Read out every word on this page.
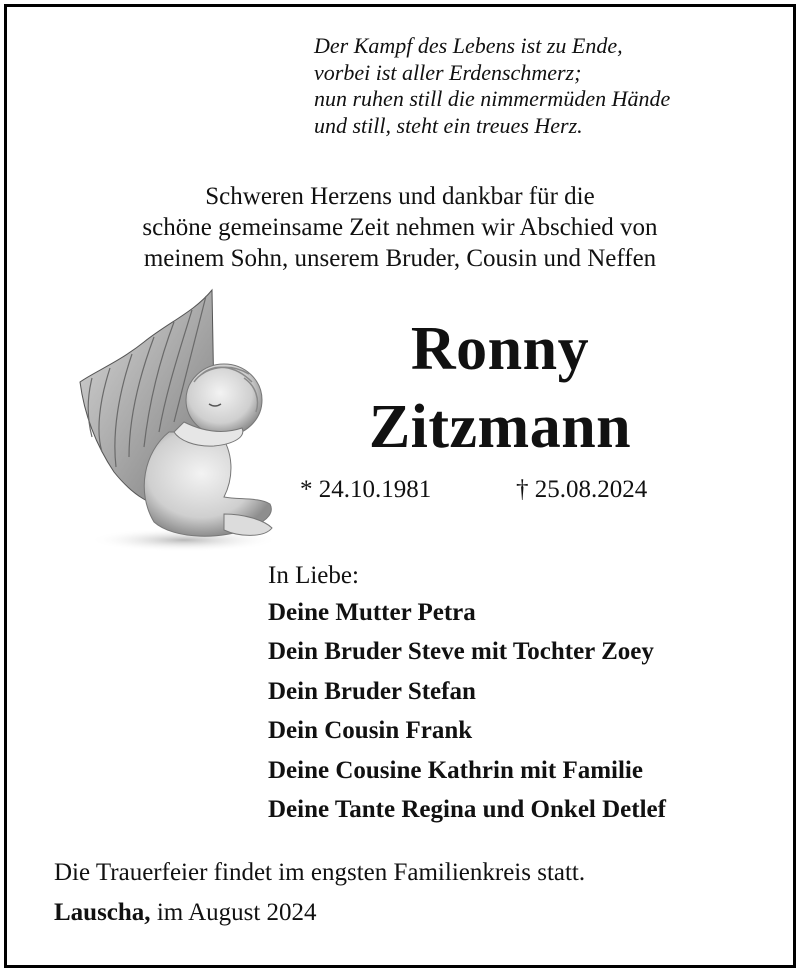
Der Kampf des Lebens ist zu Ende,
vorbei ist aller Erdenschmerz;
nun ruhen still die nimmermüden Hände
und still, steht ein treues Herz.
Schweren Herzens und dankbar für die
schöne gemeinsame Zeit nehmen wir Abschied von
meinem Sohn, unserem Bruder, Cousin und Neffen
Ronny
Zitzmann
* 24.10.1981	† 25.08.2024
In Liebe:
Deine Mutter Petra
Dein Bruder Steve mit Tochter Zoey
Dein Bruder Stefan
Dein Cousin Frank
Deine Cousine Kathrin mit Familie
Deine Tante Regina und Onkel Detlef
Die Trauerfeier findet im engsten Familienkreis statt.
Lauscha, im August 2024
